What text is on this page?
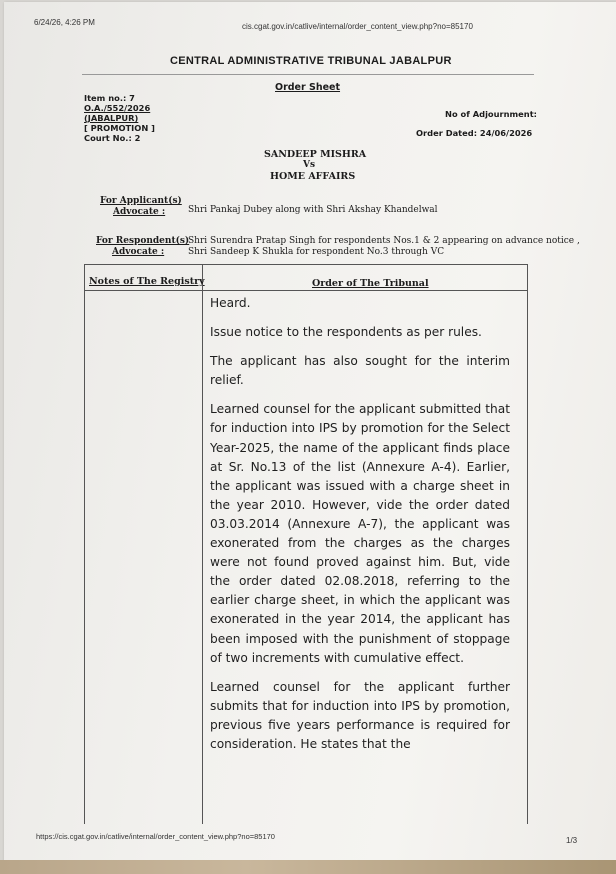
6/24/26, 4:26 PM	cis.cgat.gov.in/catlive/internal/order_content_view.php?no=85170
CENTRAL ADMINISTRATIVE TRIBUNAL JABALPUR
Order Sheet
Item no.: 7
O.A./552/2026
(JABALPUR)
[ PROMOTION ]
Court No.: 2
No of Adjournment:
Order Dated: 24/06/2026
SANDEEP MISHRA
Vs
HOME AFFAIRS
For Applicant(s)
Advocate :	Shri Pankaj Dubey along with Shri Akshay Khandelwal
For Respondent(s)
Advocate :
Shri Surendra Pratap Singh for respondents Nos.1 & 2 appearing on advance notice ,
Shri Sandeep K Shukla for respondent No.3 through VC
Notes of The Registry	Order of The Tribunal

Heard.

Issue notice to the respondents as per rules.

The applicant has also sought for the interim relief.

Learned counsel for the applicant submitted that for induction into IPS by promotion for the Select Year-2025, the name of the applicant finds place at Sr. No.13 of the list (Annexure A-4). Earlier, the applicant was issued with a charge sheet in the year 2010. However, vide the order dated 03.03.2014 (Annexure A-7), the applicant was exonerated from the charges as the charges were not found proved against him. But, vide the order dated 02.08.2018, referring to the earlier charge sheet, in which the applicant was exonerated in the year 2014, the applicant has been imposed with the punishment of stoppage of two increments with cumulative effect.

Learned counsel for the applicant further submits that for induction into IPS by promotion, previous five years performance is required for consideration. He states that the

https://cis.cgat.gov.in/catlive/internal/order_content_view.php?no=85170	1/3
